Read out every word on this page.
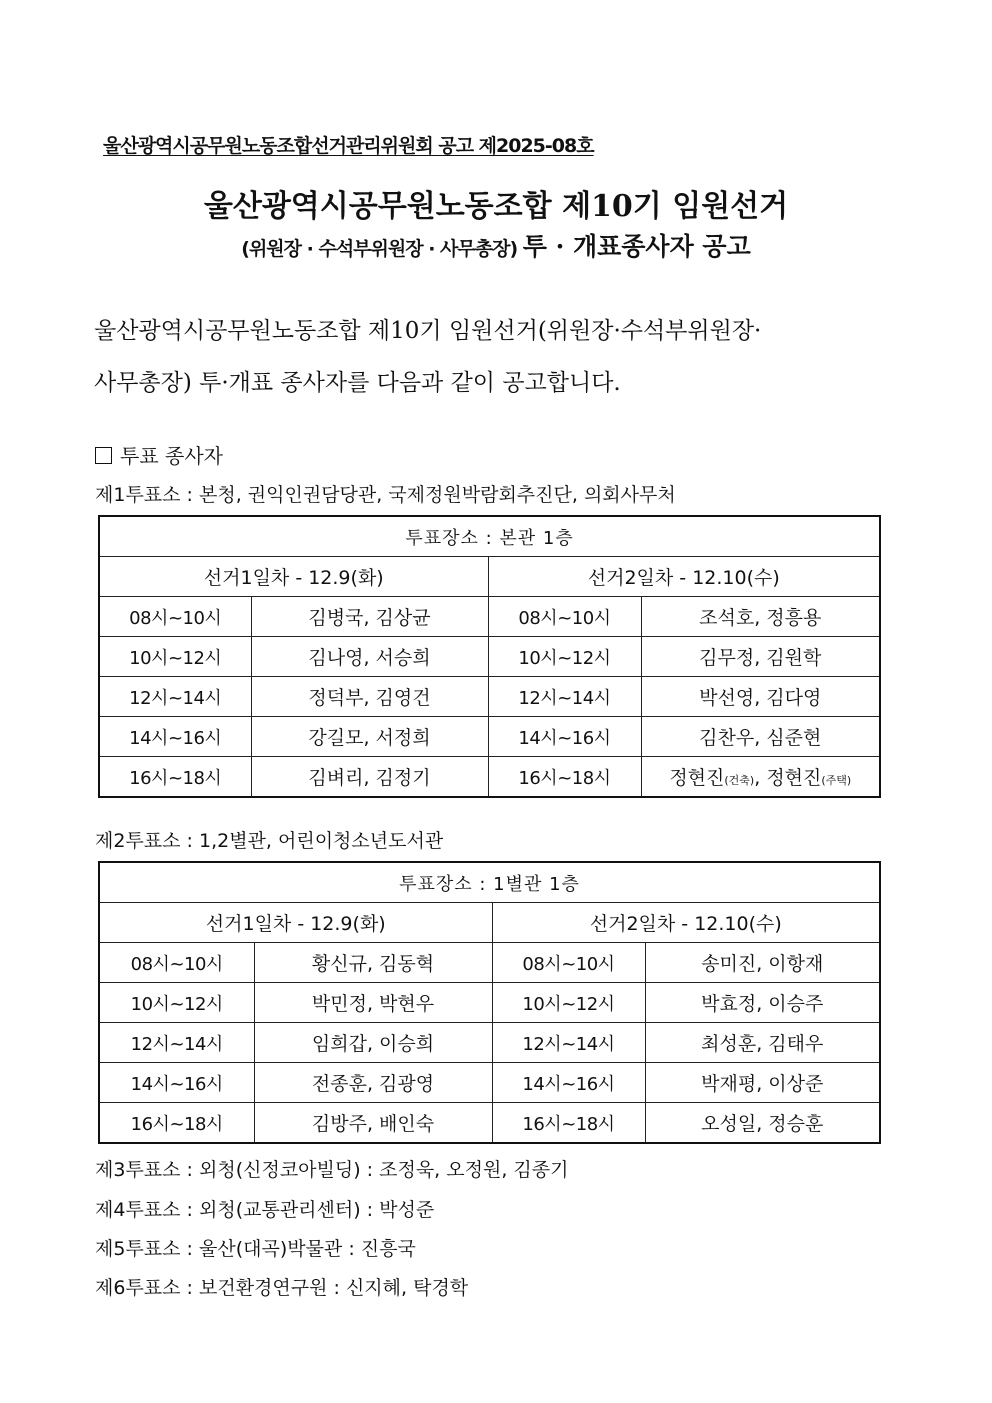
울산광역시공무원노동조합선거관리위원회 공고 제2025-08호
울산광역시공무원노동조합 제10기 임원선거
(위원장 · 수석부위원장 · 사무총장) 투 · 개표종사자 공고
울산광역시공무원노동조합 제10기 임원선거(위원장·수석부위원장·
사무총장) 투·개표 종사자를 다음과 같이 공고합니다.
투표 종사자
제1투표소 : 본청, 권익인권담당관, 국제정원박람회추진단, 의회사무처
투표장소 : 본관 1층			
선거1일차 - 12.9(화)		선거2일차 - 12.10(수)	
08시~10시	김병국, 김상균	08시~10시	조석호, 정흥용
10시~12시	김나영, 서승희	10시~12시	김무정, 김원학
12시~14시	정덕부, 김영건	12시~14시	박선영, 김다영
14시~16시	강길모, 서정희	14시~16시	김찬우, 심준현
16시~18시	김벼리, 김정기	16시~18시	정현진(건축), 정현진(주택)
제2투표소 : 1,2별관, 어린이청소년도서관
투표장소 : 1별관 1층			
선거1일차 - 12.9(화)		선거2일차 - 12.10(수)	
08시~10시	황신규, 김동혁	08시~10시	송미진, 이항재
10시~12시	박민정, 박현우	10시~12시	박효정, 이승주
12시~14시	임희갑, 이승희	12시~14시	최성훈, 김태우
14시~16시	전종훈, 김광영	14시~16시	박재평, 이상준
16시~18시	김방주, 배인숙	16시~18시	오성일, 정승훈
제3투표소 : 외청(신정코아빌딩) : 조정욱, 오정원, 김종기
제4투표소 : 외청(교통관리센터) : 박성준
제5투표소 : 울산(대곡)박물관 : 진흥국
제6투표소 : 보건환경연구원 : 신지혜, 탁경학
